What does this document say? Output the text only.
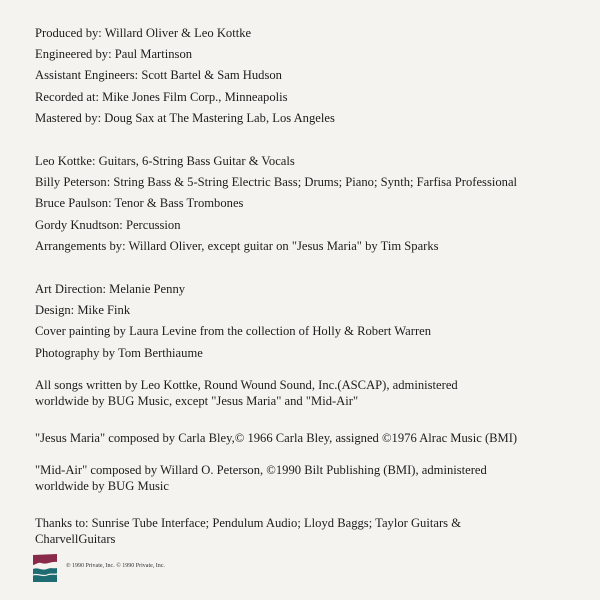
Produced by: Willard Oliver & Leo Kottke
Engineered by: Paul Martinson
Assistant Engineers: Scott Bartel & Sam Hudson
Recorded at: Mike Jones Film Corp., Minneapolis
Mastered by: Doug Sax at The Mastering Lab, Los Angeles
Leo Kottke: Guitars, 6-String Bass Guitar & Vocals
Billy Peterson: String Bass & 5-String Electric Bass; Drums; Piano; Synth; Farfisa Professional
Bruce Paulson: Tenor & Bass Trombones
Gordy Knudtson: Percussion
Arrangements by: Willard Oliver, except guitar on "Jesus Maria" by Tim Sparks
Art Direction: Melanie Penny
Design: Mike Fink
Cover painting by Laura Levine from the collection of Holly & Robert Warren
Photography by Tom Berthiaume
All songs written by Leo Kottke, Round Wound Sound, Inc.(ASCAP), administered
worldwide by BUG Music, except "Jesus Maria" and "Mid-Air"
"Jesus Maria" composed by Carla Bley,© 1966 Carla Bley, assigned ©1976 Alrac Music (BMI)
"Mid-Air" composed by Willard O. Peterson, ©1990 Bilt Publishing (BMI), administered
worldwide by BUG Music
Thanks to: Sunrise Tube Interface; Pendulum Audio; Lloyd Baggs; Taylor Guitars &
CharvellGuitars
℗ 1990 Private, Inc. © 1990 Private, Inc.
